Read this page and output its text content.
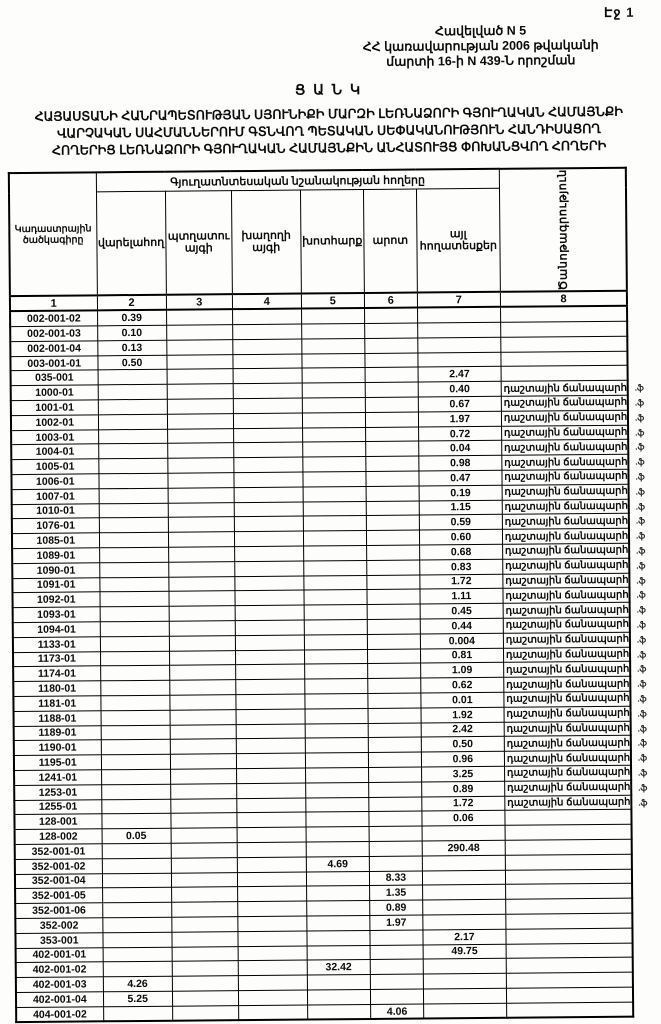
Էջ 1
Հավելված N 5
ՀՀ կառավարության 2006 թվականի
մարտի 16-ի N 439-Ն որոշման
Ց Ա Ն Կ
ՀԱՅԱՍՏԱՆԻ ՀԱՆՐԱՊԵՏՈՒԹՅԱՆ ՍՅՈՒՆԻՔԻ ՄԱՐԶԻ ԼԵՌՆԱՁՈՐԻ ԳՅՈՒՂԱԿԱՆ ՀԱՄԱՅՆՔԻ
ՎԱՐՉԱԿԱՆ ՍԱՀՄԱՆՆԵՐՈՒՄ ԳՏՆՎՈՂ ՊԵՏԱԿԱՆ ՍԵՓԱԿԱՆՈՒԹՅՈՒՆ ՀԱՆԴԻՍԱՑՈՂ
ՀՈՂԵՐԻՑ ԼԵՌՆԱՁՈՐԻ ԳՅՈՒՂԱԿԱՆ ՀԱՄԱՅՆՔԻՆ ԱՆՀԱՏՈՒՅՑ ՓՈԽԱՆՑՎՈՂ ՀՈՂԵՐԻ
Կադաստրային ծածկագիրը	Գյուղատնտեսական նշանակության հողերը						Ծանոթագրություն

	վարելահող	պտղատու այգի	խաղողի այգի	խոտհարք	արոտ	այլ հողատեսքեր	
1	2	3	4	5	6	7	8
002-001-02	0.39						
002-001-03	0.10						
002-001-04	0.13						
003-001-01	0.50						
035-001						2.47	
1000-01						0.40	դաշտային ճանապարհ .ֆ

1001-01						0.67	դաշտային ճանապարհ .ֆ

1002-01						1.97	դաշտային ճանապարհ .ֆ

1003-01						0.72	դաշտային ճանապարհ .ֆ

1004-01						0.04	դաշտային ճանապարհ .ֆ

1005-01						0.98	դաշտային ճանապարհ .ֆ

1006-01						0.47	դաշտային ճանապարհ .ֆ

1007-01						0.19	դաշտային ճանապարհ .ֆ

1010-01						1.15	դաշտային ճանապարհ .ֆ

1076-01						0.59	դաշտային ճանապարհ .ֆ

1085-01						0.60	դաշտային ճանապարհ .ֆ

1089-01						0.68	դաշտային ճանապարհ .ֆ

1090-01						0.83	դաշտային ճանապարհ .ֆ

1091-01						1.72	դաշտային ճանապարհ .ֆ

1092-01						1.11	դաշտային ճանապարհ .ֆ

1093-01						0.45	դաշտային ճանապարհ .ֆ

1094-01						0.44	դաշտային ճանապարհ .ֆ

1133-01						0.004	դաշտային ճանապարհ .ֆ

1173-01						0.81	դաշտային ճանապարհ .ֆ

1174-01						1.09	դաշտային ճանապարհ .ֆ

1180-01						0.62	դաշտային ճանապարհ .ֆ

1181-01						0.01	դաշտային ճանապարհ .ֆ

1188-01						1.92	դաշտային ճանապարհ .ֆ

1189-01						2.42	դաշտային ճանապարհ .ֆ

1190-01						0.50	դաշտային ճանապարհ .ֆ

1195-01						0.96	դաշտային ճանապարհ .ֆ

1241-01						3.25	դաշտային ճանապարհ .ֆ

1253-01						0.89	դաշտային ճանապարհ .ֆ

1255-01						1.72	դաշտային ճանապարհ .ֆ

128-001						0.06	
128-002	0.05						
352-001-01						290.48	
352-001-02				4.69			
352-001-04					8.33		
352-001-05					1.35		
352-001-06					0.89		
352-002					1.97		
353-001						2.17	
402-001-01						49.75	
402-001-02				32.42			
402-001-03	4.26						
402-001-04	5.25						
404-001-02					4.06		
